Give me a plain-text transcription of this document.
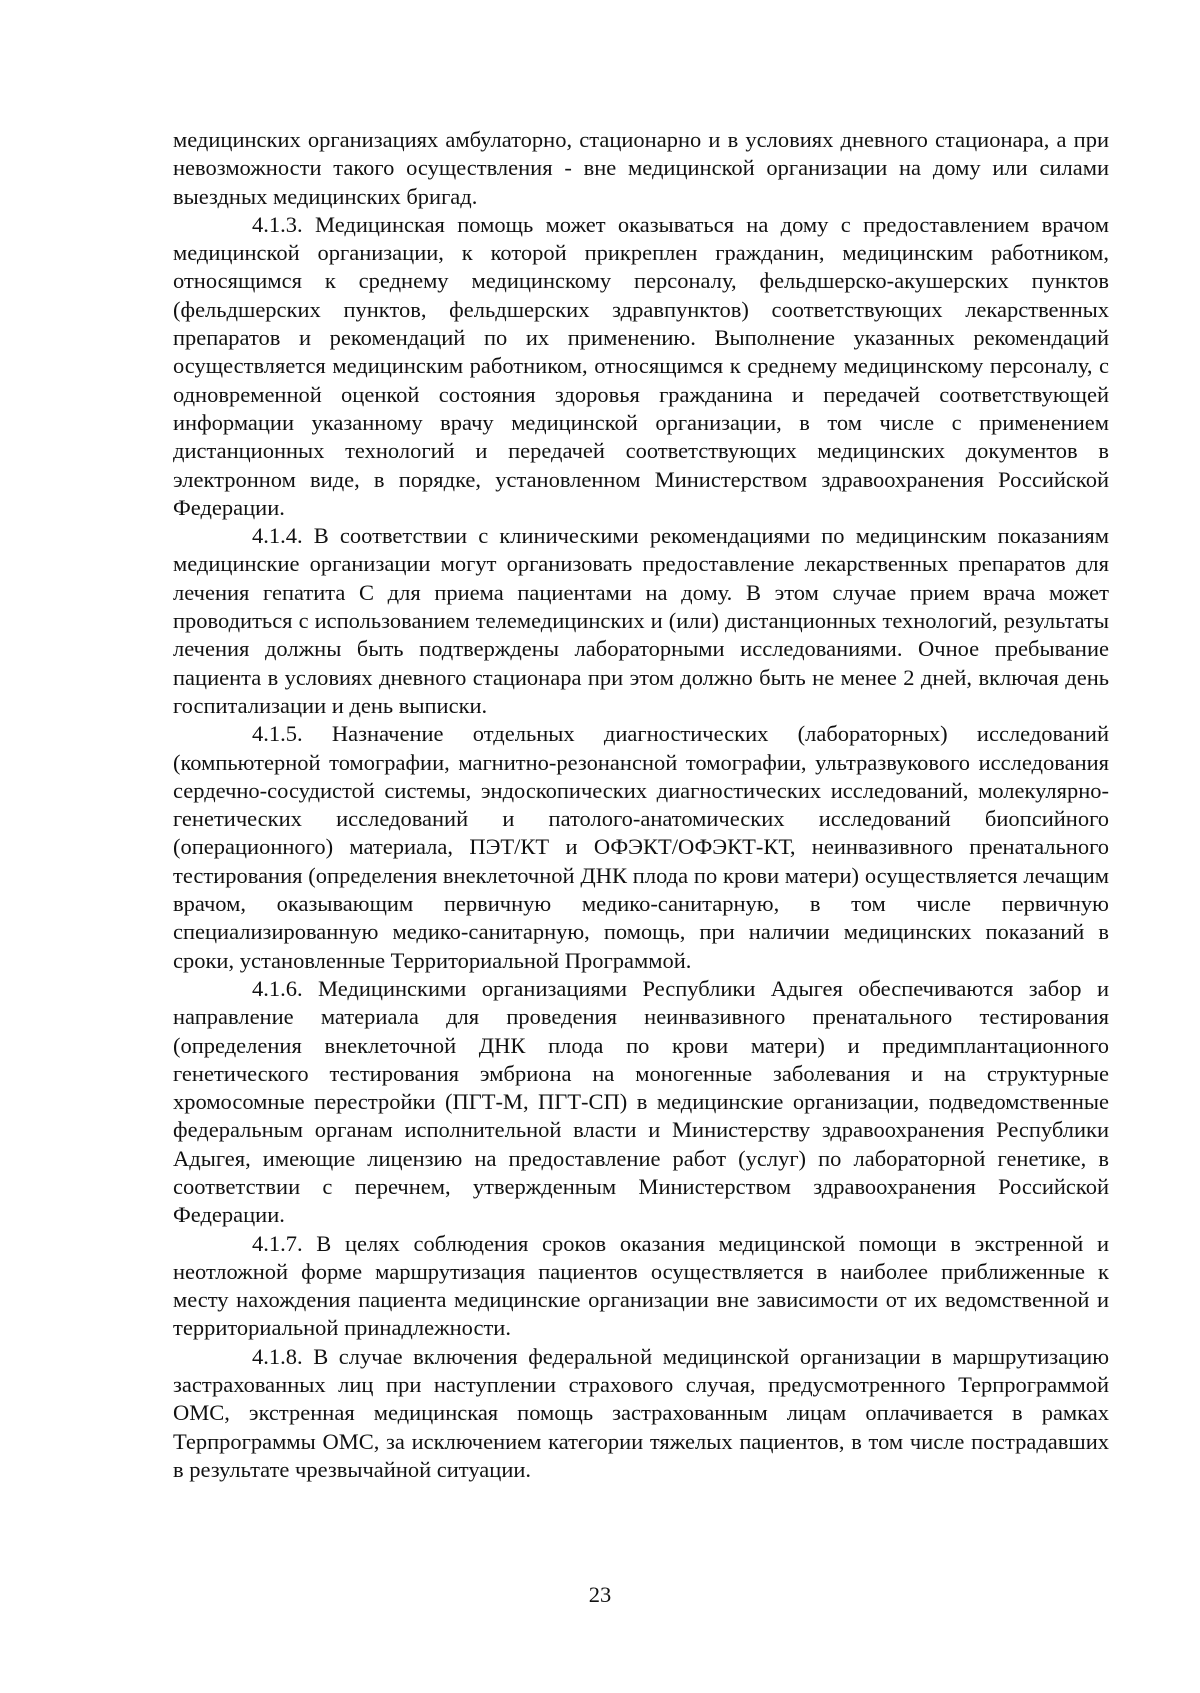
медицинских организациях амбулаторно, стационарно и в условиях дневного стационара, а при невозможности такого осуществления - вне медицинской организации на дому или силами выездных медицинских бригад.

4.1.3. Медицинская помощь может оказываться на дому с предоставлением врачом медицинской организации, к которой прикреплен гражданин, медицинским работником, относящимся к среднему медицинскому персоналу, фельдшерско-акушерских пунктов (фельдшерских пунктов, фельдшерских здравпунктов) соответствующих лекарственных препаратов и рекомендаций по их применению. Выполнение указанных рекомендаций осуществляется медицинским работником, относящимся к среднему медицинскому персоналу, с одновременной оценкой состояния здоровья гражданина и передачей соответствующей информации указанному врачу медицинской организации, в том числе с применением дистанционных технологий и передачей соответствующих медицинских документов в электронном виде, в порядке, установленном Министерством здравоохранения Российской Федерации.

4.1.4. В соответствии с клиническими рекомендациями по медицинским показаниям медицинские организации могут организовать предоставление лекарственных препаратов для лечения гепатита С для приема пациентами на дому. В этом случае прием врача может проводиться с использованием телемедицинских и (или) дистанционных технологий, результаты лечения должны быть подтверждены лабораторными исследованиями. Очное пребывание пациента в условиях дневного стационара при этом должно быть не менее 2 дней, включая день госпитализации и день выписки.

4.1.5. Назначение отдельных диагностических (лабораторных) исследований (компьютерной томографии, магнитно-резонансной томографии, ультразвукового исследования сердечно-сосудистой системы, эндоскопических диагностических исследований, молекулярно-генетических исследований и патолого-анатомических исследований биопсийного (операционного) материала, ПЭТ/КТ и ОФЭКТ/ОФЭКТ-КТ, неинвазивного пренатального тестирования (определения внеклеточной ДНК плода по крови матери) осуществляется лечащим врачом, оказывающим первичную медико-санитарную, в том числе первичную специализированную медико-санитарную, помощь, при наличии медицинских показаний в сроки, установленные Территориальной Программой.

4.1.6. Медицинскими организациями Республики Адыгея обеспечиваются забор и направление материала для проведения неинвазивного пренатального тестирования (определения внеклеточной ДНК плода по крови матери) и предимплантационного генетического тестирования эмбриона на моногенные заболевания и на структурные хромосомные перестройки (ПГТ-М, ПГТ-СП) в медицинские организации, подведомственные федеральным органам исполнительной власти и Министерству здравоохранения Республики Адыгея, имеющие лицензию на предоставление работ (услуг) по лабораторной генетике, в соответствии с перечнем, утвержденным Министерством здравоохранения Российской Федерации.

4.1.7. В целях соблюдения сроков оказания медицинской помощи в экстренной и неотложной форме маршрутизация пациентов осуществляется в наиболее приближенные к месту нахождения пациента медицинские организации вне зависимости от их ведомственной и территориальной принадлежности.

4.1.8. В случае включения федеральной медицинской организации в маршрутизацию застрахованных лиц при наступлении страхового случая, предусмотренного Терпрограммой ОМС, экстренная медицинская помощь застрахованным лицам оплачивается в рамках Терпрограммы ОМС, за исключением категории тяжелых пациентов, в том числе пострадавших в результате чрезвычайной ситуации.

23
